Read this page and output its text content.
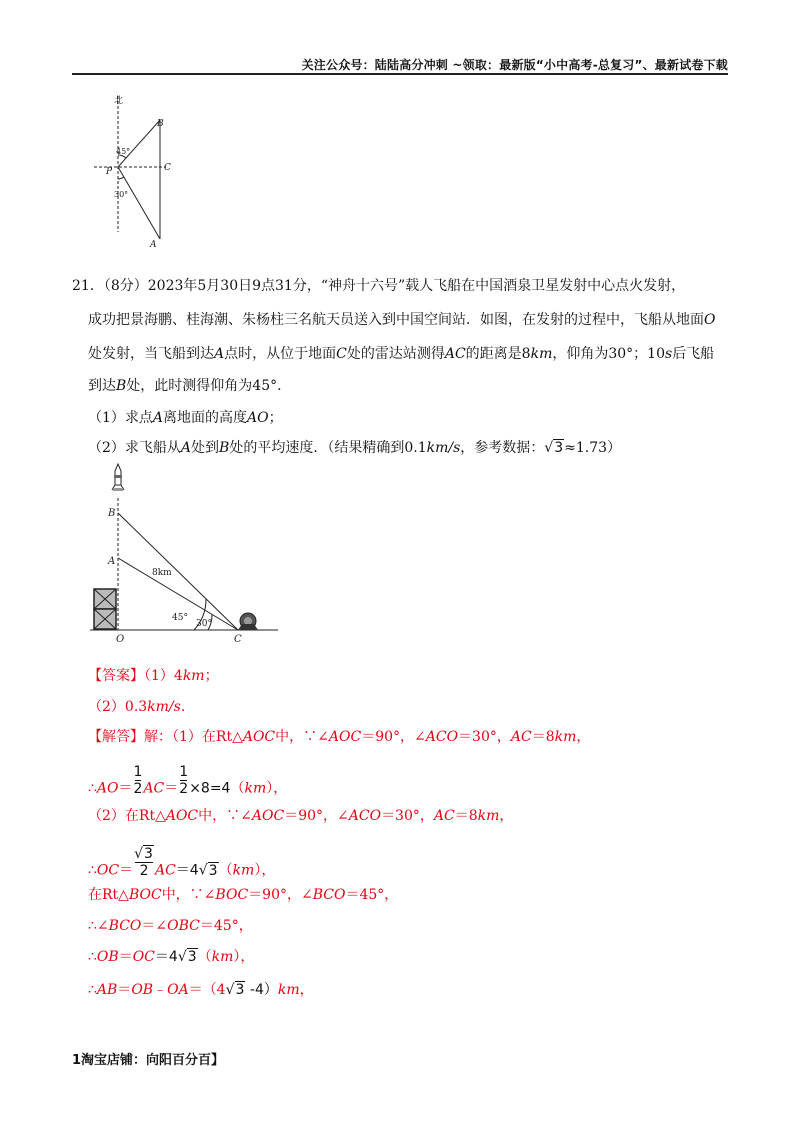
关注公众号：陆陆高分冲刺 ~领取：最新版“小中高考-总复习”、最新试卷下载
北
B
C
P
A
45°
30°
21．（8分）2023年5月30日9点31分，“神舟十六号”载人飞船在中国酒泉卫星发射中心点火发射，
成功把景海鹏、桂海潮、朱杨柱三名航天员送入到中国空间站．如图，在发射的过程中，飞船从地面O
处发射，当飞船到达A点时，从位于地面C处的雷达站测得AC的距离是8km，仰角为30°；10s后飞船
到达B处，此时测得仰角为45°.
（1）求点A离地面的高度AO；
（2）求飞船从A处到B处的平均速度．（结果精确到0.1km/s，参考数据：√3≈1.73）
B
A
8km
45°
30°
O	C
【答案】（1）4km；
（2）0.3km/s.
【解答】解：（1）在Rt△AOC中，∵∠AOC＝90°，∠ACO＝30°，AC＝8km，
∴AO＝ $\frac{1}{2} AC= \frac{1}{2} \times 8=4(km)$，
（2）在Rt△AOC中，∵∠AOC＝90°，∠ACO＝30°，AC＝8km，
∴OC＝ $\frac{√3}{2} AC=4√3(km)$，
在Rt△BOC中，∵∠BOC＝90°，∠BCO＝45°，
∴∠BCO＝∠OBC＝45°，
∴OB＝OC＝4√3（km），
∴AB＝OB﹣OA＝（4√3 -4）km，
1淘宝店铺：向阳百分百】
